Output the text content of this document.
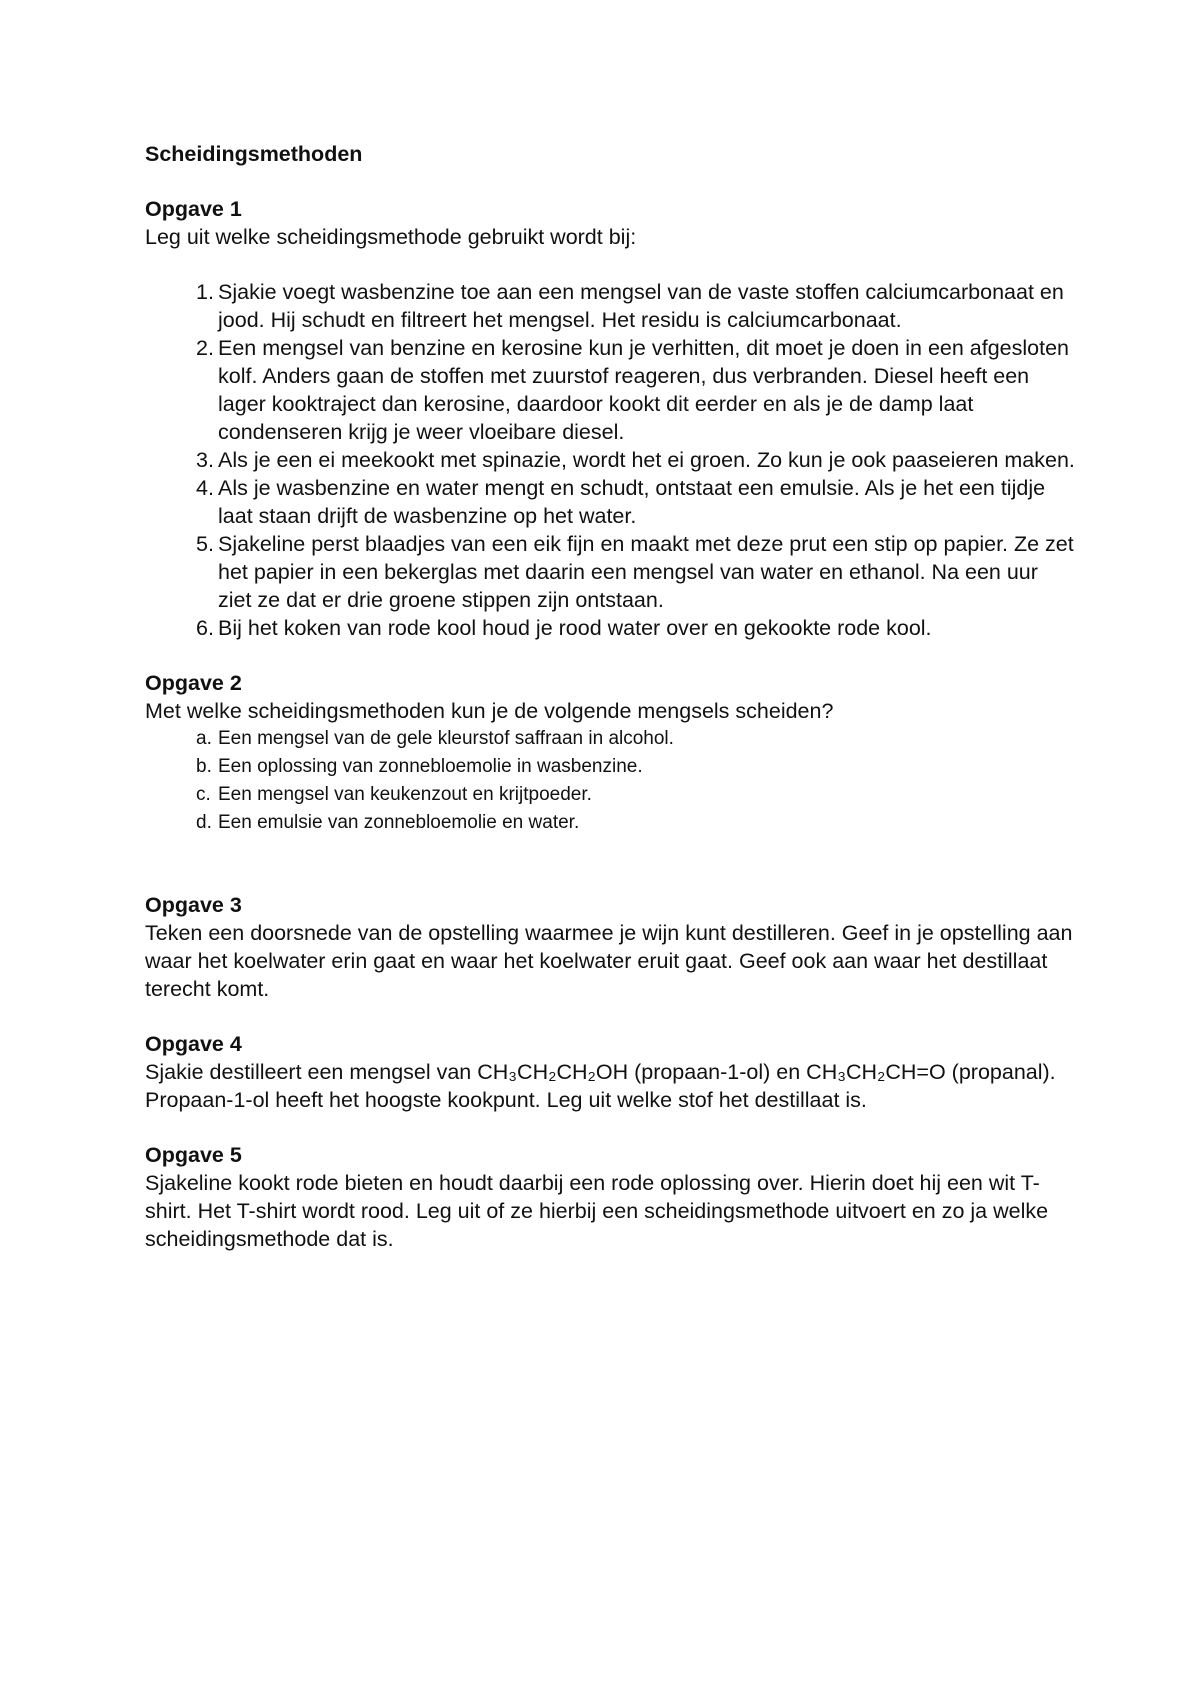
Scheidingsmethoden
Opgave 1
Leg uit welke scheidingsmethode gebruikt wordt bij:
1. Sjakie voegt wasbenzine toe aan een mengsel van de vaste stoffen calciumcarbonaat en jood. Hij schudt en filtreert het mengsel. Het residu is calciumcarbonaat.
2. Een mengsel van benzine en kerosine kun je verhitten, dit moet je doen in een afgesloten kolf. Anders gaan de stoffen met zuurstof reageren, dus verbranden. Diesel heeft een lager kooktraject dan kerosine, daardoor kookt dit eerder en als je de damp laat condenseren krijg je weer vloeibare diesel.
3. Als je een ei meekookt met spinazie, wordt het ei groen. Zo kun je ook paaseieren maken.
4. Als je wasbenzine en water mengt en schudt, ontstaat een emulsie. Als je het een tijdje laat staan drijft de wasbenzine op het water.
5. Sjakeline perst blaadjes van een eik fijn en maakt met deze prut een stip op papier. Ze zet het papier in een bekerglas met daarin een mengsel van water en ethanol. Na een uur ziet ze dat er drie groene stippen zijn ontstaan.
6. Bij het koken van rode kool houd je rood water over en gekookte rode kool.
Opgave 2
Met welke scheidingsmethoden kun je de volgende mengsels scheiden?
a. Een mengsel van de gele kleurstof saffraan in alcohol.
b. Een oplossing van zonnebloemolie in wasbenzine.
c. Een mengsel van keukenzout en krijtpoeder.
d. Een emulsie van zonnebloemolie en water.
Opgave 3
Teken een doorsnede van de opstelling waarmee je wijn kunt destilleren. Geef in je opstelling aan waar het koelwater erin gaat en waar het koelwater eruit gaat. Geef ook aan waar het destillaat terecht komt.
Opgave 4
Sjakie destilleert een mengsel van CH₃CH₂CH₂OH (propaan-1-ol) en CH₃CH₂CH=O (propanal). Propaan-1-ol heeft het hoogste kookpunt. Leg uit welke stof het destillaat is.
Opgave 5
Sjakeline kookt rode bieten en houdt daarbij een rode oplossing over. Hierin doet hij een wit T-shirt. Het T-shirt wordt rood. Leg uit of ze hierbij een scheidingsmethode uitvoert en zo ja welke scheidingsmethode dat is.
